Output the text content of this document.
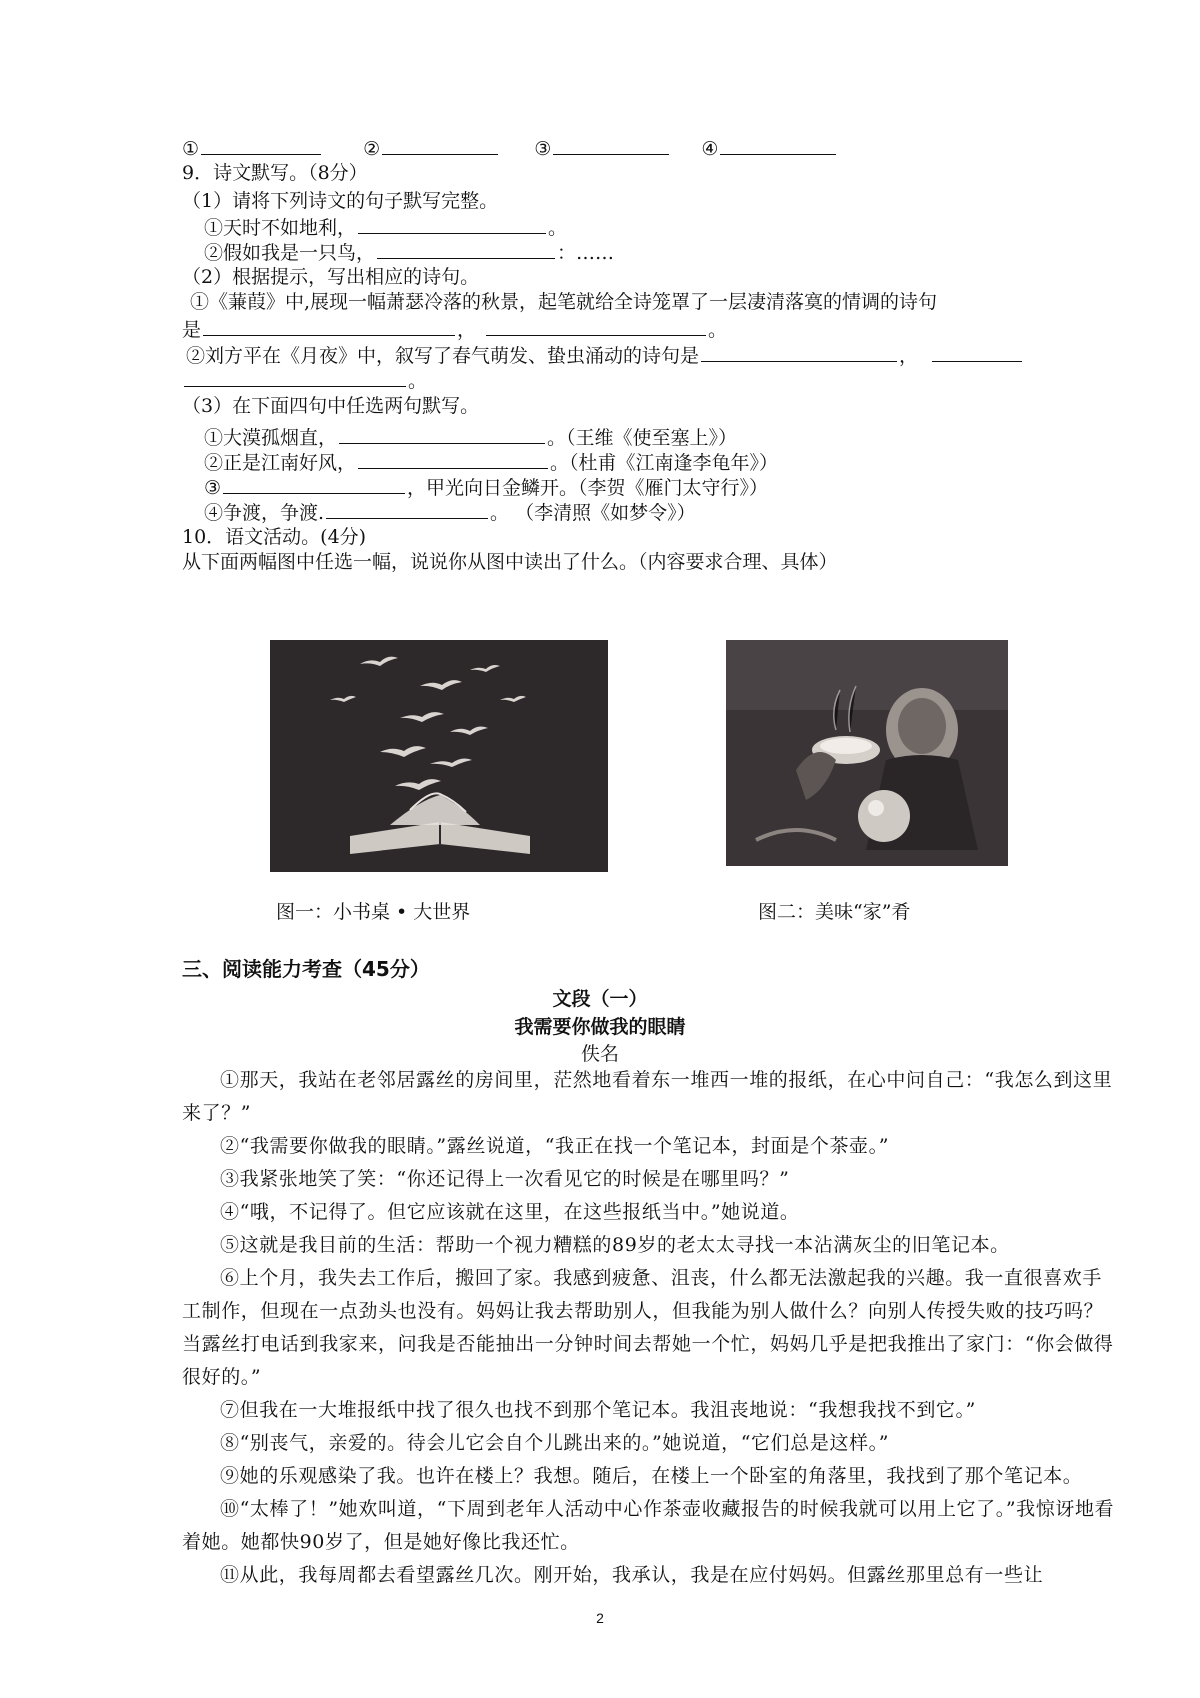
①	②	③	④
9．诗文默写。（8分）
（1）请将下列诗文的句子默写完整。
①天时不如地利，	。
②假如我是一只鸟，	：……
（2）根据提示，写出相应的诗句。
①《蒹葭》中,展现一幅萧瑟冷落的秋景，起笔就给全诗笼罩了一层凄清落寞的情调的诗句
是	，	。
②刘方平在《月夜》中，叙写了春气萌发、蛰虫涌动的诗句是	，
。
（3）在下面四句中任选两句默写。
①大漠孤烟直，	。（王维《使至塞上》）
②正是江南好风，	。（杜甫《江南逢李龟年》）
③	，甲光向日金鳞开。（李贺《雁门太守行》）
④争渡，争渡.	。 （李清照《如梦令》）
10．语文活动。(4分)
从下面两幅图中任选一幅，说说你从图中读出了什么。（内容要求合理、具体）
图一：小书桌 • 大世界	图二：美味“家”肴
三、阅读能力考查（45分）
文段（一）
我需要你做我的眼睛
佚名

①那天，我站在老邻居露丝的房间里，茫然地看着东一堆西一堆的报纸，在心中问自己：“我怎么到这里来了？”

②“我需要你做我的眼睛。”露丝说道，“我正在找一个笔记本，封面是个茶壶。”

③我紧张地笑了笑：“你还记得上一次看见它的时候是在哪里吗？”

④“哦，不记得了。但它应该就在这里，在这些报纸当中。”她说道。

⑤这就是我目前的生活：帮助一个视力糟糕的89岁的老太太寻找一本沾满灰尘的旧笔记本。

⑥上个月，我失去工作后，搬回了家。我感到疲惫、沮丧，什么都无法激起我的兴趣。我一直很喜欢手工制作，但现在一点劲头也没有。妈妈让我去帮助别人，但我能为别人做什么？向别人传授失败的技巧吗？当露丝打电话到我家来，问我是否能抽出一分钟时间去帮她一个忙，妈妈几乎是把我推出了家门：“你会做得很好的。”

⑦但我在一大堆报纸中找了很久也找不到那个笔记本。我沮丧地说：“我想我找不到它。”

⑧“别丧气，亲爱的。待会儿它会自个儿跳出来的。”她说道，“它们总是这样。”

⑨她的乐观感染了我。也许在楼上？我想。随后，在楼上一个卧室的角落里，我找到了那个笔记本。

⑩“太棒了！”她欢叫道，“下周到老年人活动中心作茶壶收藏报告的时候我就可以用上它了。”我惊讶地看着她。她都快90岁了，但是她好像比我还忙。

⑪从此，我每周都去看望露丝几次。刚开始，我承认，我是在应付妈妈。但露丝那里总有一些让

2
